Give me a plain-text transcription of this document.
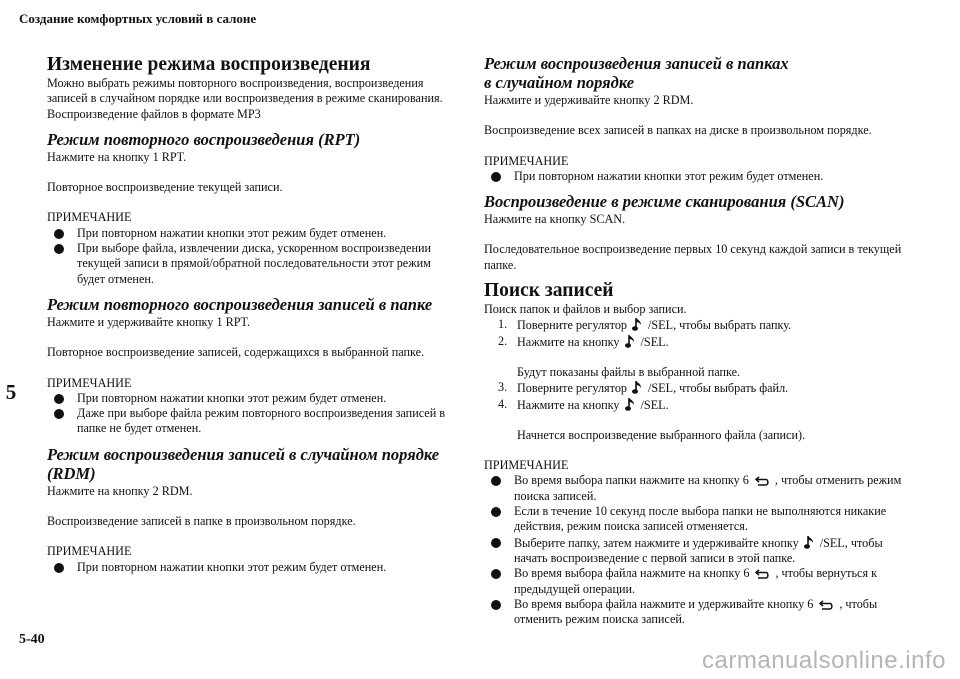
Создание комфортных условий в салоне
5
5-40
carmanualsonline.info
Изменение режима воспроизведения

Можно выбрать режимы повторного воспроизведения, воспроизведения записей в случайном порядке или воспроизведения в режиме сканирования. Воспроизведение файлов в формате MP3

Режим повторного воспроизведения (RPT)

Нажмите на кнопку 1 RPT.

Повторное воспроизведение текущей записи.

ПРИМЕЧАНИЕ

При повторном нажатии кнопки этот режим будет отменен.
При выборе файла, извлечении диска, ускоренном воспроизведении текущей записи в прямой/обратной последовательности этот режим будет отменен.
Режим повторного воспроизведения записей в папке

Нажмите и удерживайте кнопку 1 RPT.

Повторное воспроизведение записей, содержащихся в выбранной папке.

ПРИМЕЧАНИЕ

При повторном нажатии кнопки этот режим будет отменен.
Даже при выборе файла режим повторного воспроизведения записей в папке не будет отменен.
Режим воспроизведения записей в случайном порядке (RDM)

Нажмите на кнопку 2 RDM.

Воспроизведение записей в папке в произвольном порядке.

ПРИМЕЧАНИЕ

При повторном нажатии кнопки этот режим будет отменен.
Режим воспроизведения записей в папках
в случайном порядке

Нажмите и удерживайте кнопку 2 RDM.

Воспроизведение всех записей в папках на диске в произвольном порядке.

ПРИМЕЧАНИЕ

При повторном нажатии кнопки этот режим будет отменен.
Воспроизведение в режиме сканирования (SCAN)

Нажмите на кнопку SCAN.

Последовательное воспроизведение первых 10 секунд каждой записи в текущей папке.

Поиск записей

Поиск папок и файлов и выбор записи.

1. Поверните регулятор /SEL, чтобы выбрать папку.
2. Нажмите на кнопку /SEL.

Будут показаны файлы в выбранной папке.

3. Поверните регулятор /SEL, чтобы выбрать файл.
4. Нажмите на кнопку /SEL.

Начнется воспроизведение выбранного файла (записи).

ПРИМЕЧАНИЕ

Во время выбора папки нажмите на кнопку 6 , чтобы отменить режим поиска записей.
Если в течение 10 секунд после выбора папки не выполняются никакие действия, режим поиска записей отменяется.
Выберите папку, затем нажмите и удерживайте кнопку /SEL, чтобы начать воспроизведение с первой записи в этой папке.
Во время выбора файла нажмите на кнопку 6 , чтобы вернуться к предыдущей операции.
Во время выбора файла нажмите и удерживайте кнопку 6 , чтобы отменить режим поиска записей.
